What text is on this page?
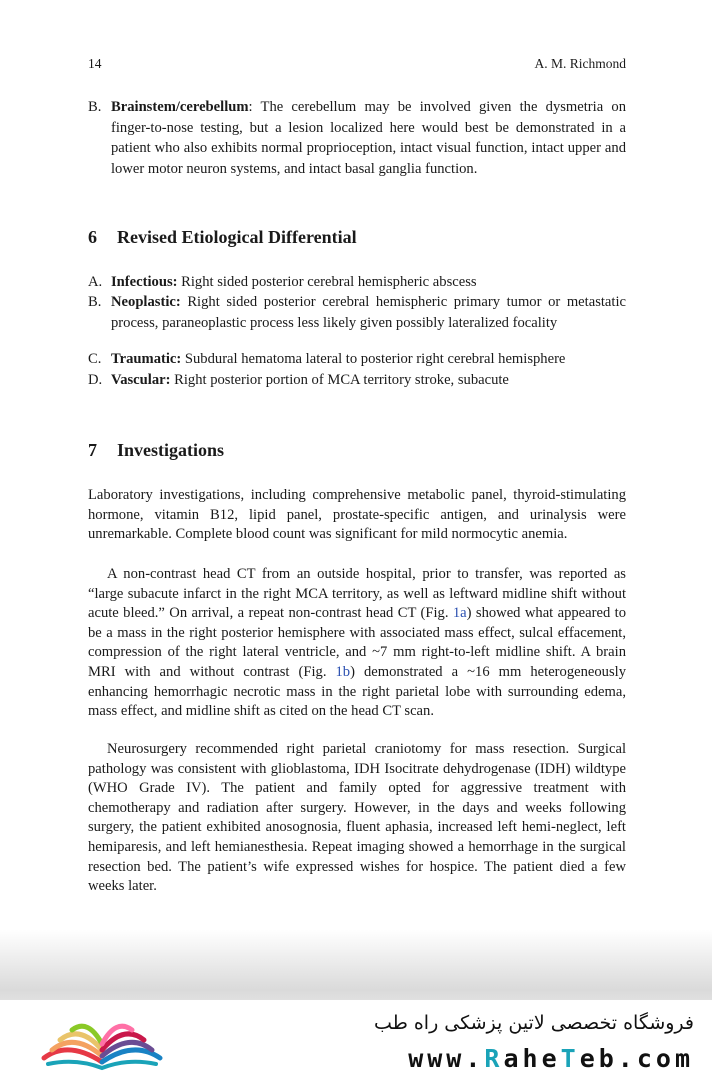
14	A. M. Richmond
B. Brainstem/cerebellum: The cerebellum may be involved given the dysmetria on finger-to-nose testing, but a lesion localized here would best be demonstrated in a patient who also exhibits normal proprioception, intact visual function, intact upper and lower motor neuron systems, and intact basal ganglia function.
6 Revised Etiological Differential
A. Infectious: Right sided posterior cerebral hemispheric abscess
B. Neoplastic: Right sided posterior cerebral hemispheric primary tumor or metastatic process, paraneoplastic process less likely given possibly lateralized focality
C. Traumatic: Subdural hematoma lateral to posterior right cerebral hemisphere
D. Vascular: Right posterior portion of MCA territory stroke, subacute
7 Investigations

Laboratory investigations, including comprehensive metabolic panel, thyroid-stimulating hormone, vitamin B12, lipid panel, prostate-specific antigen, and urinalysis were unremarkable. Complete blood count was significant for mild normocytic anemia.

A non-contrast head CT from an outside hospital, prior to transfer, was reported as “large subacute infarct in the right MCA territory, as well as leftward midline shift without acute bleed.” On arrival, a repeat non-contrast head CT (Fig. 1a) showed what appeared to be a mass in the right posterior hemisphere with associated mass effect, sulcal effacement, compression of the right lateral ventricle, and ~7 mm right-to-left midline shift. A brain MRI with and without contrast (Fig. 1b) demonstrated a ~16 mm heterogeneously enhancing hemorrhagic necrotic mass in the right parietal lobe with surrounding edema, mass effect, and midline shift as cited on the head CT scan.

Neurosurgery recommended right parietal craniotomy for mass resection. Surgical pathology was consistent with glioblastoma, IDH Isocitrate dehydrogenase (IDH) wildtype (WHO Grade IV). The patient and family opted for aggressive treatment with chemotherapy and radiation after surgery. However, in the days and weeks following surgery, the patient exhibited anosognosia, fluent aphasia, increased left hemi-neglect, left hemiparesis, and left hemianesthesia. Repeat imaging showed a hemorrhage in the surgical resection bed. The patient’s wife expressed wishes for hospice. The patient died a few weeks later.

فروشگاه تخصصی لاتین پزشکی راه طب
www.RaheTeb.com
